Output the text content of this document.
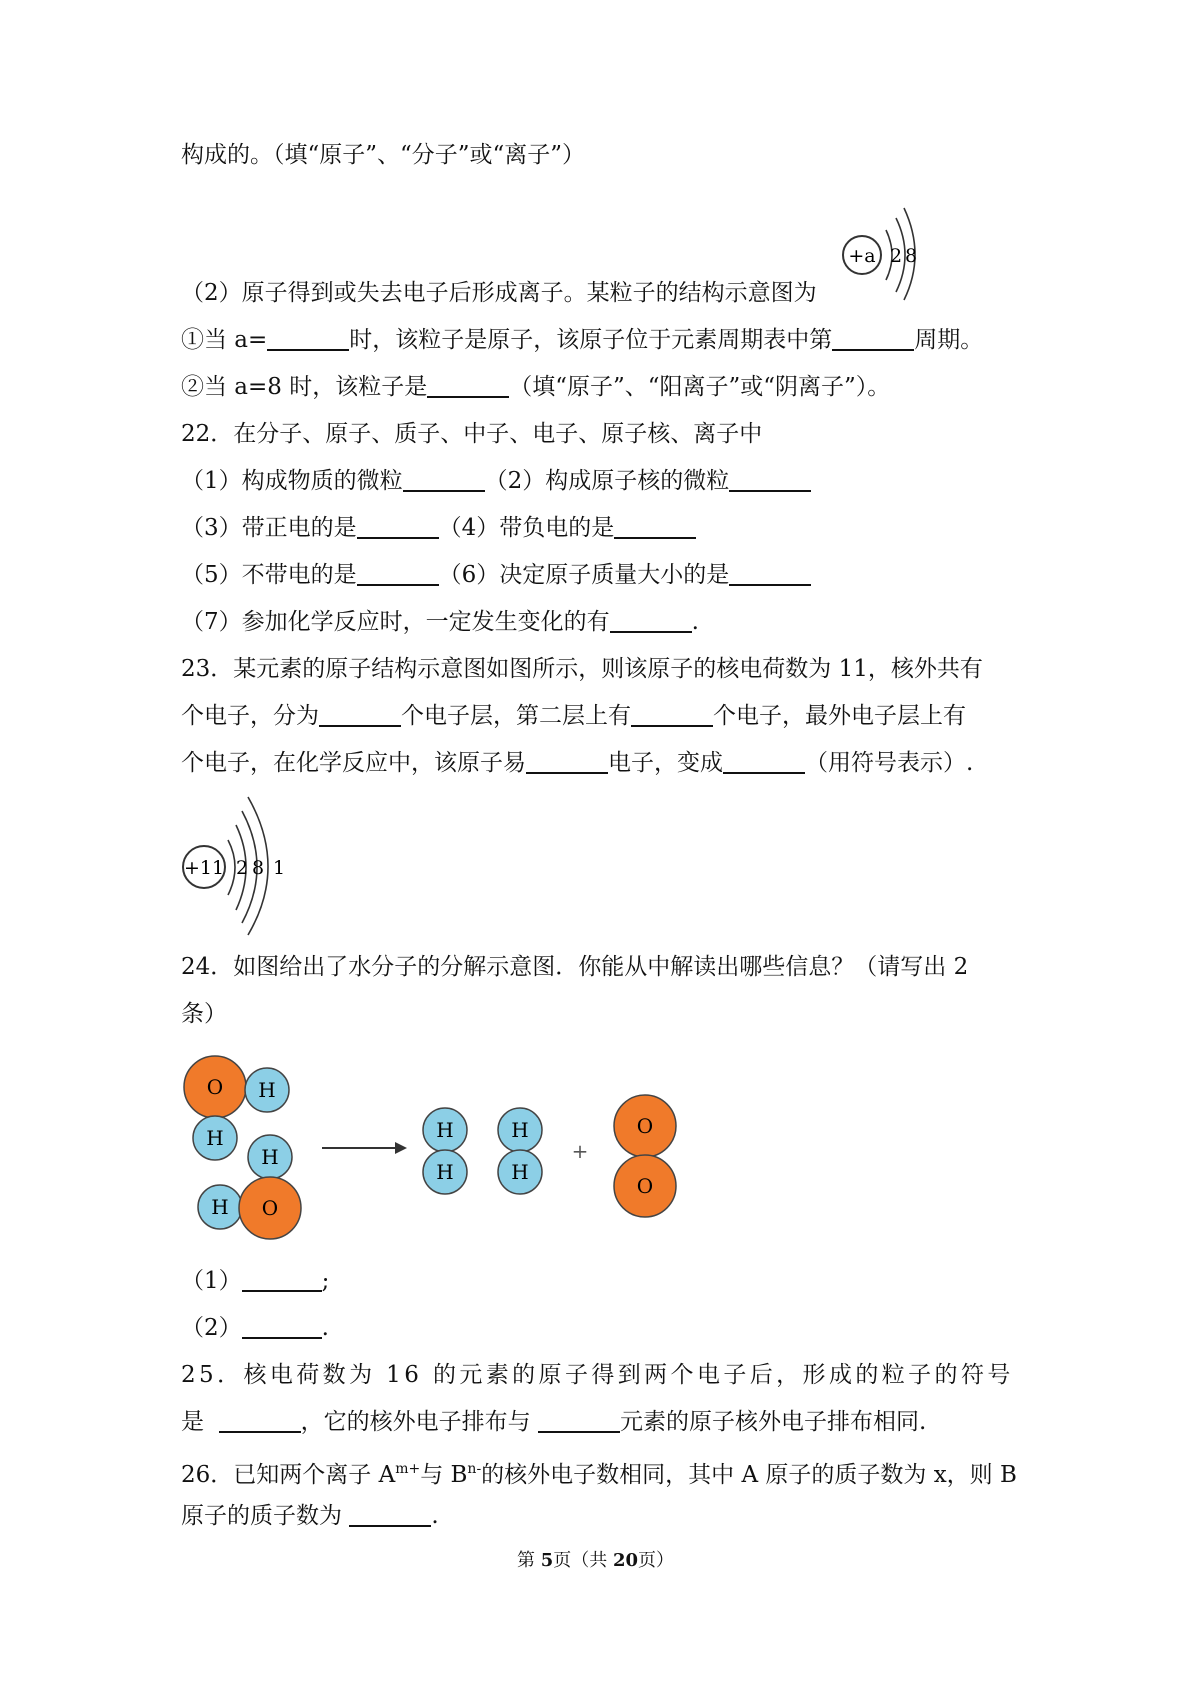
构成的。（填“原子”、“分子”或“离子”）
+a 2 8
（2）原子得到或失去电子后形成离子。某粒子的结构示意图为
①当 a=	时，该粒子是原子，该原子位于元素周期表中第	周期。
②当 a=8 时，该粒子是	（填“原子”、“阳离子”或“阴离子”）。
22．在分子、原子、质子、中子、电子、原子核、离子中
（1）构成物质的微粒	（2）构成原子核的微粒
（3）带正电的是	（4）带负电的是
（5）不带电的是	（6）决定原子质量大小的是
（7）参加化学反应时，一定发生变化的有	.
23．某元素的原子结构示意图如图所示，则该原子的核电荷数为 11，核外共有
个电子，分为	个电子层，第二层上有	个电子，最外电子层上有
个电子，在化学反应中，该原子易	电子，变成	（用符号表示）.
+11 2 8 1
24．如图给出了水分子的分解示意图．你能从中解读出哪些信息？（请写出 2
条）
O H
H
H
H O
H
H
H
H
+
O
O
（1）	;
（2）	.
25．核电荷数为 16 的元素的原子得到两个电子后，形成的粒子的符号
是	，它的核外电子排布与	元素的原子核外电子排布相同.
26．已知两个离子 $A^{m+}$与 $B^{n-}$的核外电子数相同，其中 A 原子的质子数为 x，则 B
原子的质子数为	.
第 5页（共 20页）
